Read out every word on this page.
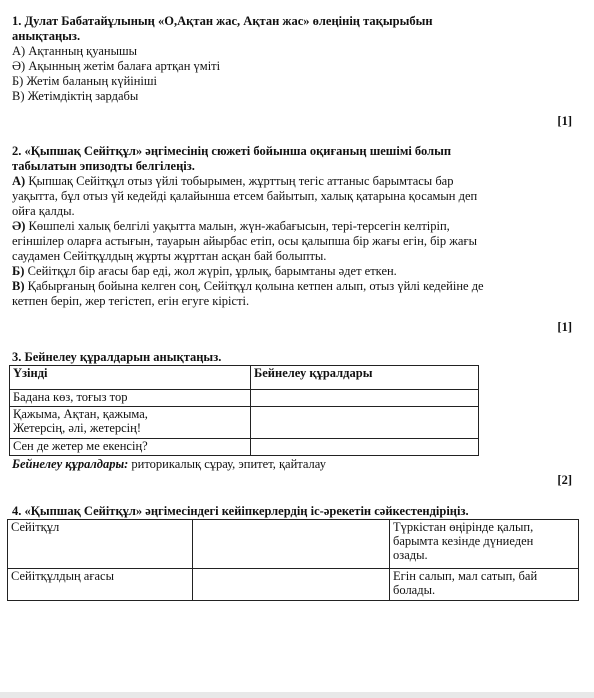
1. Дулат Бабатайұлының «О,Ақтан жас, Ақтан жас» өлеңінің тақырыбын
анықтаңыз.
А) Ақтанның қуанышы
Ә) Ақынның жетім балаға артқан үміті
Б) Жетім баланың күйініші
В) Жетімдіктің зардабы
[1]
2. «Қыпшақ Сейітқұл» әңгімесінің сюжеті бойынша оқиғаның шешімі болып
табылатын эпизодты белгілеңіз.
А) Қыпшақ Сейітқұл отыз үйлі тобырымен, жұрттың тегіс аттаныс барымтасы бар
уақытта, бұл отыз үй кедейді қалайынша етсем байытып, халық қатарына қосамын деп
ойға қалды.
Ә) Көшпелі халық белгілі уақытта малын, жүн-жабағысын, тері-терсегін келтіріп,
егіншілер оларға астығын, тауарын айырбас етіп, осы қалыпша бір жағы егін, бір жағы
саудамен Сейітқұлдың жұрты жұрттан асқан бай болыпты.
Б) Сейітқұл бір ағасы бар еді, жол жүріп, ұрлық, барымтаны әдет еткен.
В) Қабырғаның бойына келген соң, Сейітқұл қолына кетпен алып, отыз үйлі кедейіне де
кетпен беріп, жер тегістеп, егін егуге кірісті.
[1]
3. Бейнелеу құралдарын анықтаңыз.
Үзінді	Бейнелеу құралдары
Бадана көз, тоғыз тор	

Қажыма, Ақтан, қажыма,
Жетерсің, әлі, жетерсің!	

Сен де жетер ме екенсің?	
Бейнелеу құралдары: риторикалық сұрау, эпитет, қайталау
[2]
4. «Қыпшақ Сейітқұл» әңгімесіндегі кейіпкерлердің іс-әрекетін сәйкестендіріңіз.
Сейітқұл		Түркістан өңірінде қалып,
барымта кезінде дүниеден
озады.

Сейітқұлдың ағасы		Егін салып, мал сатып, бай
болады.
